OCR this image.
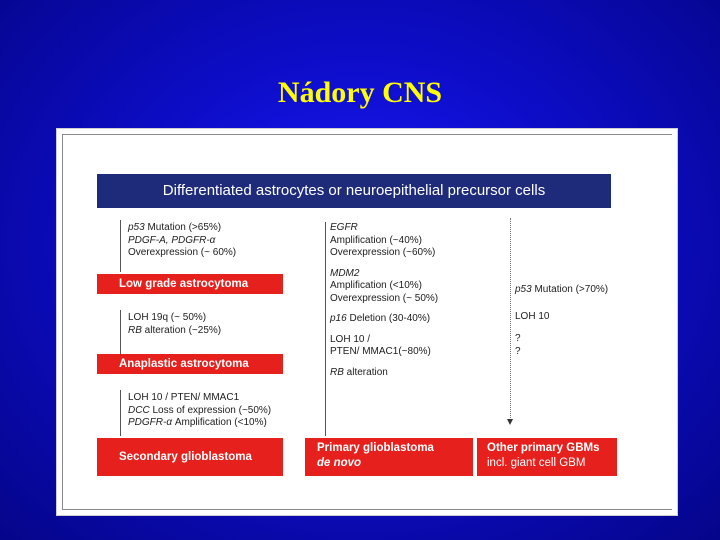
Nádory CNS
Differentiated astrocytes or neuroepithelial precursor cells
p53 Mutation (>65%)
PDGF-A, PDGFR-α
Overexpression (~ 60%)
Low grade astrocytoma
LOH 19q (~ 50%)
RB alteration (~25%)
Anaplastic astrocytoma
LOH 10 / PTEN/ MMAC1
DCC Loss of expression (~50%)
PDGFR-α Amplification (<10%)
Secondary glioblastoma
EGFR
Amplification (~40%)
Overexpression (~60%)
MDM2
Amplification (<10%)
Overexpression (~ 50%)
p16 Deletion (30-40%)
LOH 10 /
PTEN/ MMAC1(~80%)
RB alteration
Primary glioblastoma
de novo
p53 Mutation (>70%)
LOH 10
?
?
Other primary GBMs
incl. giant cell GBM
